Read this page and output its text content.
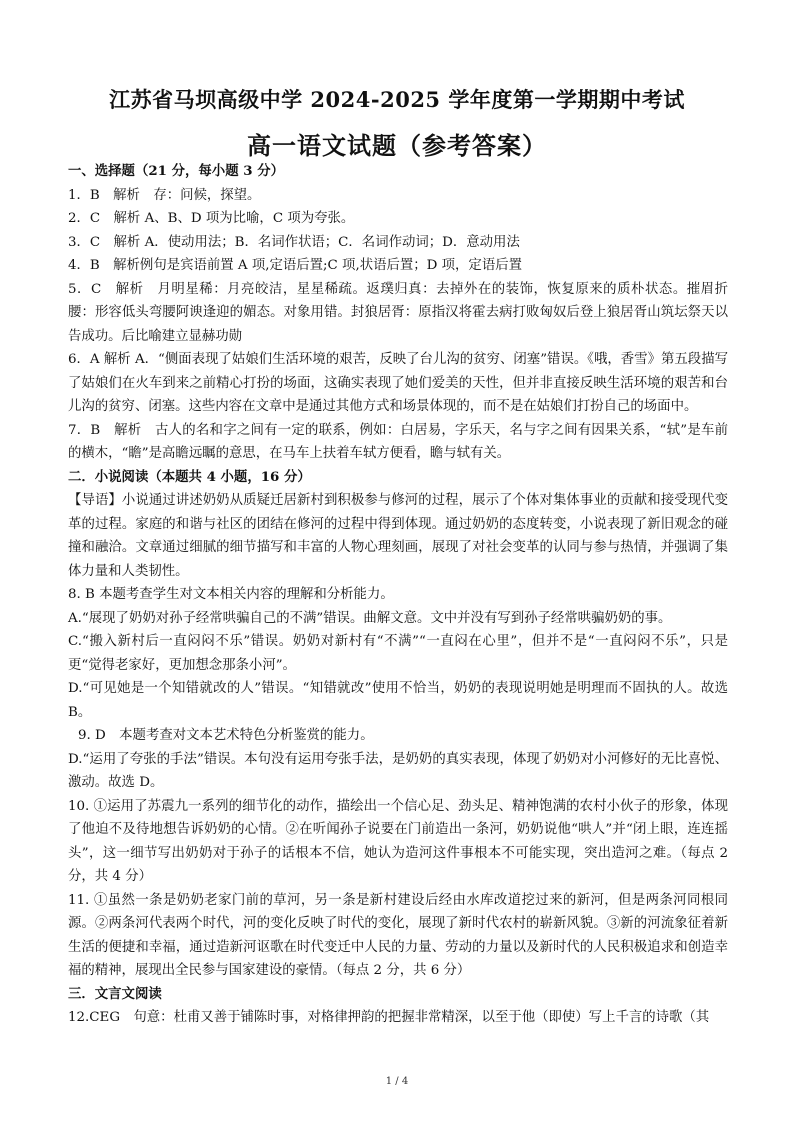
江苏省马坝高级中学 2024-2025 学年度第一学期期中考试
高一语文试题（参考答案）

一、选择题（21 分，每小题 3 分）

1．B　解析　存：问候，探望。

2．C　解析 A、B、D 项为比喻，C 项为夸张。

3．C　解析 A．使动用法；B．名词作状语；C．名词作动词；D．意动用法

4．B　解析例句是宾语前置 A 项,定语后置;C 项,状语后置；D 项，定语后置

5．C　解析　月明星稀：月亮皎洁，星星稀疏。返璞归真：去掉外在的装饰，恢复原来的质朴状态。摧眉折腰：形容低头弯腰阿谀逢迎的媚态。对象用错。封狼居胥：原指汉将霍去病打败匈奴后登上狼居胥山筑坛祭天以告成功。后比喻建立显赫功勋

6．A 解析 A．“侧面表现了姑娘们生活环境的艰苦，反映了台儿沟的贫穷、闭塞”错误。《哦，香雪》第五段描写了姑娘们在火车到来之前精心打扮的场面，这确实表现了她们爱美的天性，但并非直接反映生活环境的艰苦和台儿沟的贫穷、闭塞。这些内容在文章中是通过其他方式和场景体现的，而不是在姑娘们打扮自己的场面中。

7．B　解析　古人的名和字之间有一定的联系，例如：白居易，字乐天，名与字之间有因果关系，“轼”是车前的横木，“瞻”是高瞻远瞩的意思，在马车上扶着车轼方便看，瞻与轼有关。

二．小说阅读（本题共 4 小题，16 分）

【导语】小说通过讲述奶奶从质疑迁居新村到积极参与修河的过程，展示了个体对集体事业的贡献和接受现代变革的过程。家庭的和谐与社区的团结在修河的过程中得到体现。通过奶奶的态度转变，小说表现了新旧观念的碰撞和融洽。文章通过细腻的细节描写和丰富的人物心理刻画，展现了对社会变革的认同与参与热情，并强调了集体力量和人类韧性。

8. B 本题考查学生对文本相关内容的理解和分析能力。

A.“展现了奶奶对孙子经常哄骗自己的不满”错误。曲解文意。文中并没有写到孙子经常哄骗奶奶的事。

C.“搬入新村后一直闷闷不乐”错误。奶奶对新村有“不满”“一直闷在心里”，但并不是“一直闷闷不乐”，只是更“觉得老家好，更加想念那条小河”。

D.“可见她是一个知错就改的人”错误。“知错就改”使用不恰当，奶奶的表现说明她是明理而不固执的人。故选 B。

9. D　本题考查对文本艺术特色分析鉴赏的能力。

D.“运用了夸张的手法”错误。本句没有运用夸张手法，是奶奶的真实表现，体现了奶奶对小河修好的无比喜悦、激动。故选 D。

10. ①运用了苏震九一系列的细节化的动作，描绘出一个信心足、劲头足、精神饱满的农村小伙子的形象，体现了他迫不及待地想告诉奶奶的心情。②在听闻孙子说要在门前造出一条河，奶奶说他“哄人”并“闭上眼，连连摇头”，这一细节写出奶奶对于孙子的话根本不信，她认为造河这件事根本不可能实现，突出造河之难。（每点 2 分，共 4 分）

11. ①虽然一条是奶奶老家门前的草河，另一条是新村建设后经由水库改道挖过来的新河，但是两条河同根同源。②两条河代表两个时代，河的变化反映了时代的变化，展现了新时代农村的崭新风貌。③新的河流象征着新生活的便捷和幸福，通过造新河讴歌在时代变迁中人民的力量、劳动的力量以及新时代的人民积极追求和创造幸福的精神，展现出全民参与国家建设的豪情。（每点 2 分，共 6 分）

三．文言文阅读

12.CEG　句意：杜甫又善于铺陈时事，对格律押韵的把握非常精深，以至于他（即使）写上千言的诗歌（其

1 / 4
